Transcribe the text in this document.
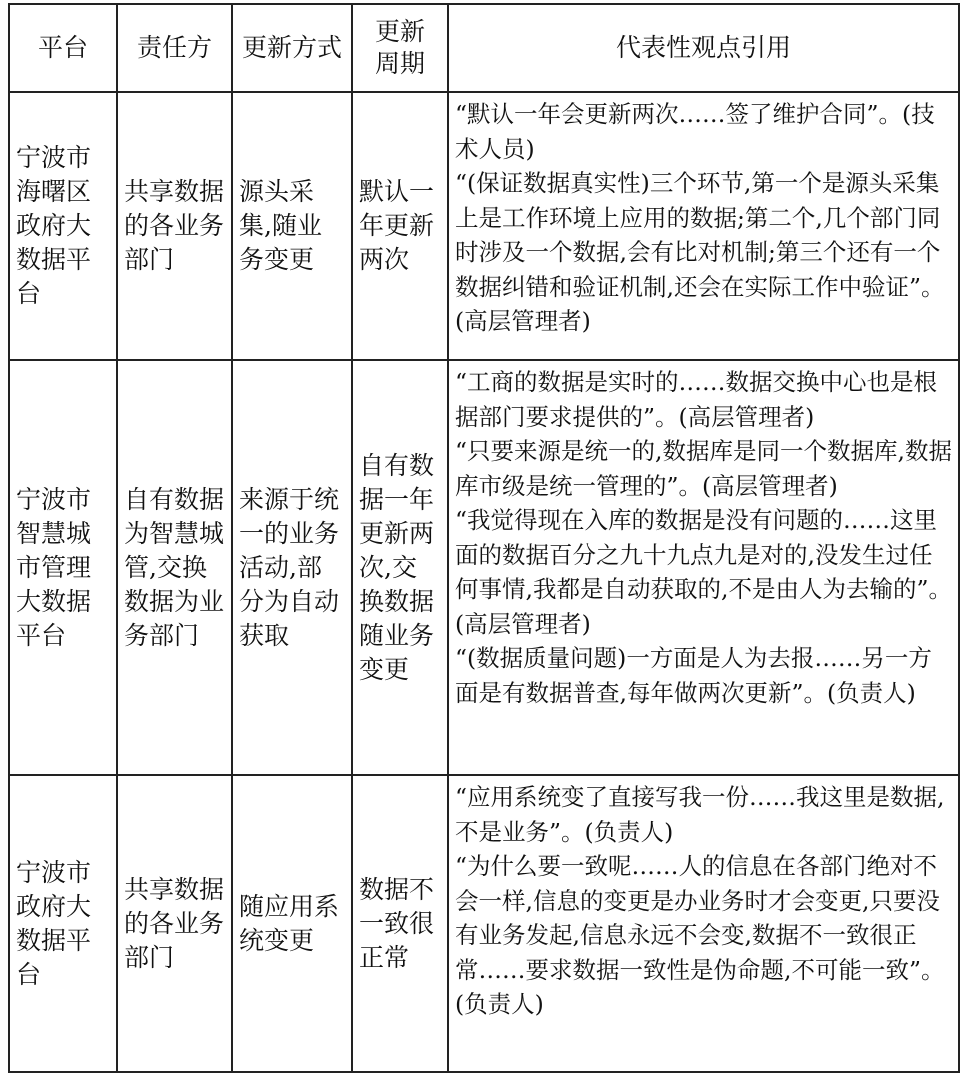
平台	责任方	更新方式	更新周期	代表性观点引用
宁波市海曙区政府大数据平台	共享数据的各业务部门	源头采集,随业务变更	默认一年更新两次	“默认一年会更新两次……签了维护合同”。(技术人员)
“(保证数据真实性)三个环节,第一个是源头采集上是工作环境上应用的数据;第二个,几个部门同时涉及一个数据,会有比对机制;第三个还有一个数据纠错和验证机制,还会在实际工作中验证”。(高层管理者)

宁波市智慧城市管理大数据平台	自有数据为智慧城管,交换数据为业务部门	来源于统一的业务活动,部分为自动获取	自有数据一年更新两次,交换数据随业务变更	“工商的数据是实时的……数据交换中心也是根据部门要求提供的”。(高层管理者)
“只要来源是统一的,数据库是同一个数据库,数据库市级是统一管理的”。(高层管理者)
“我觉得现在入库的数据是没有问题的……这里面的数据百分之九十九点九是对的,没发生过任何事情,我都是自动获取的,不是由人为去输的”。(高层管理者)
“(数据质量问题)一方面是人为去报……另一方面是有数据普查,每年做两次更新”。(负责人)

宁波市政府大数据平台	共享数据的各业务部门	随应用系统变更	数据不一致很正常	“应用系统变了直接写我一份……我这里是数据,不是业务”。(负责人)
“为什么要一致呢……人的信息在各部门绝对不会一样,信息的变更是办业务时才会变更,只要没有业务发起,信息永远不会变,数据不一致很正常……要求数据一致性是伪命题,不可能一致”。(负责人)
